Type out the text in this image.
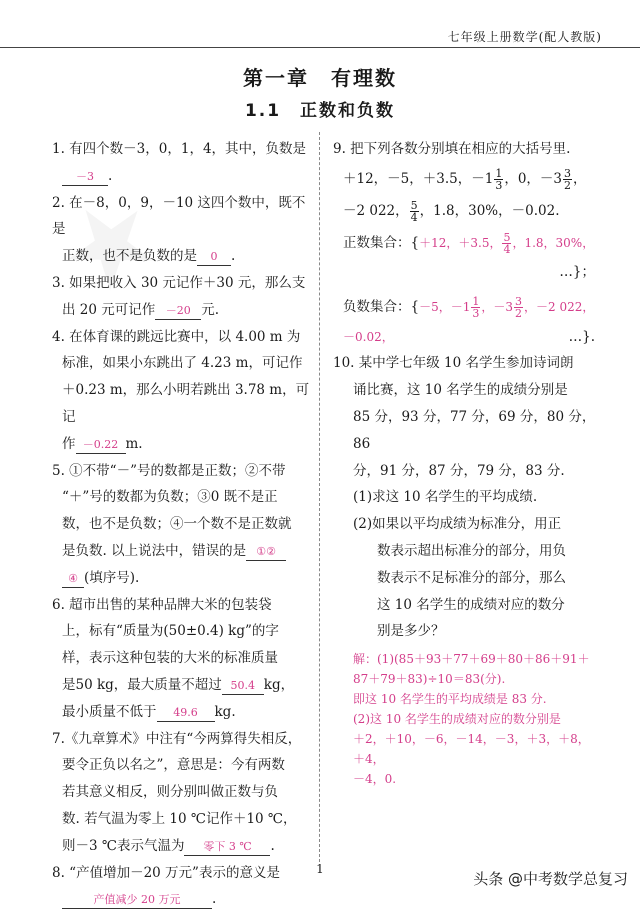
七年级上册数学(配人教版)
第一章　有理数
1.1　正数和负数

1. 有四个数－3，0，1，4，其中，负数是

－3 .

2. 在－8，0，9，－10 这四个数中，既不是

正数，也不是负数的是 0 .

3. 如果把收入 30 元记作＋30 元，那么支

出 20 元可记作 －20 元.

4. 在体育课的跳远比赛中，以 4.00 m 为

标准，如果小东跳出了 4.23 m，可记作

＋0.23 m，那么小明若跳出 3.78 m，可记

作 －0.22 m.

5. ①不带“－”号的数都是正数；②不带

“＋”号的数都为负数；③0 既不是正

数，也不是负数；④一个数不是正数就

是负数. 以上说法中，错误的是 ①②

④ (填序号).

6. 超市出售的某种品牌大米的包装袋

上，标有“质量为(50±0.4) kg”的字

样，表示这种包装的大米的标准质量

是50 kg，最大质量不超过 50.4 kg，

最小质量不低于 49.6 kg.

7.《九章算术》中注有“今两算得失相反，

要令正负以名之”，意思是：今有两数

若其意义相反，则分别叫做正数与负

数. 若气温为零上 10 ℃记作＋10 ℃，

则－3 ℃表示气温为 零下 3 ℃ .

8. “产值增加－20 万元”表示的意义是

产值减少 20 万元 .

9. 把下列各数分别填在相应的大括号里.

＋12，－5，＋3.5，$-1 \frac{1}{3}$ ，0，$-3 \frac{3}{2}$ ，

－2 022， $\frac{5}{4}$ ，1.8，30%，－0.02.

正数集合：{＋12，＋3.5， $\frac{5}{4}$ ，1.8，30%，

…}；

负数集合：{－5，$-1 \frac{1}{3}$ ，$-3 \frac{3}{2}$ ，－2 022，

－0.02，	…}.

10. 某中学七年级 10 名学生参加诗词朗

诵比赛，这 10 名学生的成绩分别是

85 分，93 分，77 分，69 分，80 分，86

分，91 分，87 分，79 分，83 分.

(1)求这 10 名学生的平均成绩.

(2)如果以平均成绩为标准分，用正

数表示超出标准分的部分，用负

数表示不足标准分的部分，那么

这 10 名学生的成绩对应的数分

别是多少？

解：(1)(85＋93＋77＋69＋80＋86＋91＋

87＋79＋83)÷10＝83(分).

即这 10 名学生的平均成绩是 83 分.

(2)这 10 名学生的成绩对应的数分别是

＋2，＋10，－6，－14，－3，＋3，＋8，＋4，

－4，0.

1
头条 @中考数学总复习
